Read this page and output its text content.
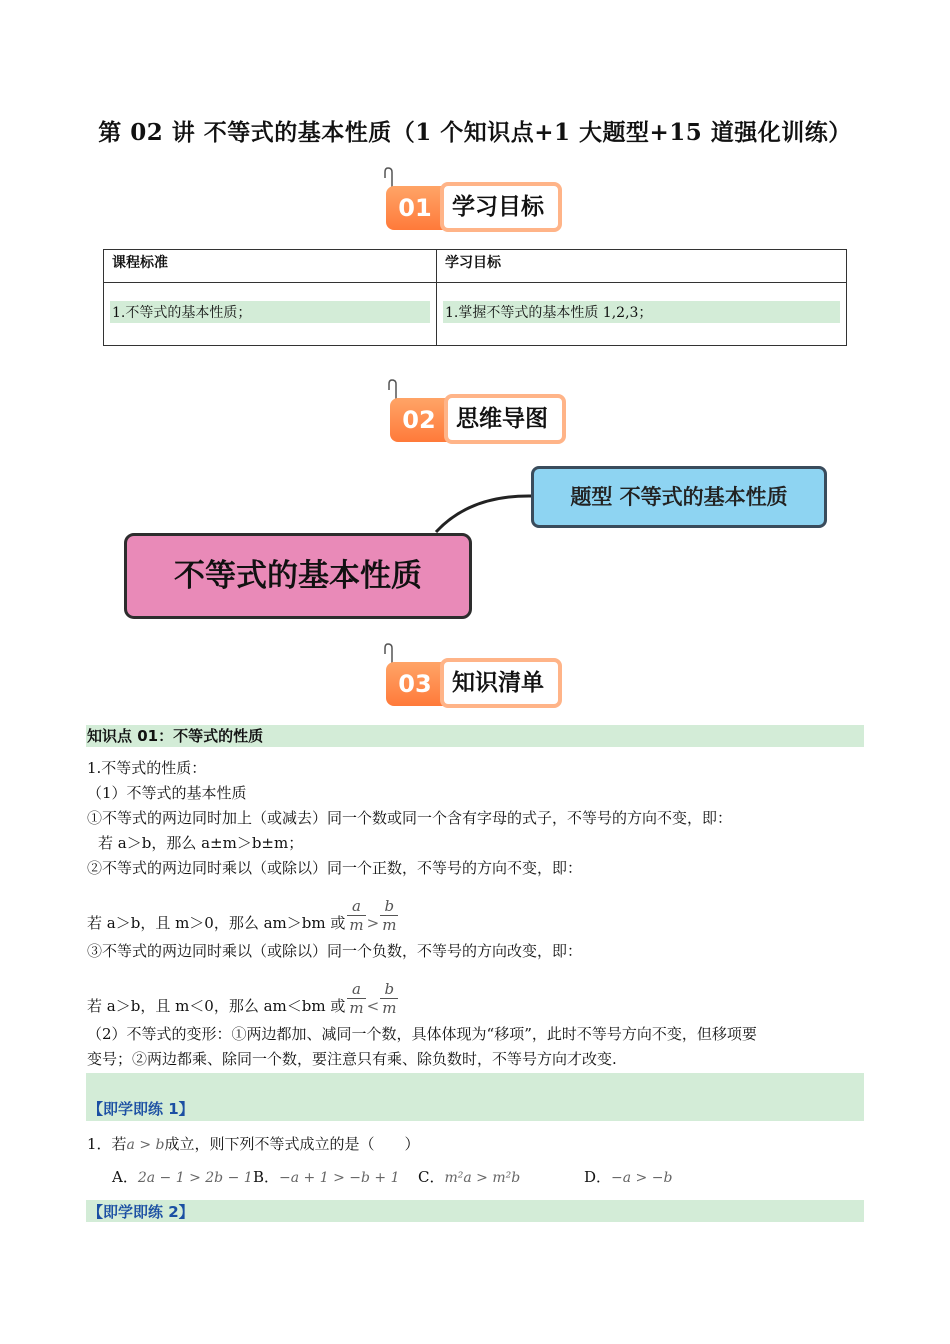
第 02 讲 不等式的基本性质（1 个知识点+1 大题型+15 道强化训练）
01 学习目标
课程标准	学习目标

1.不等式的基本性质；	1.掌握不等式的基本性质 1,2,3；
02 思维导图
题型 不等式的基本性质
不等式的基本性质
03 知识清单
知识点 01：不等式的性质
1.不等式的性质：
（1）不等式的基本性质
①不等式的两边同时加上（或减去）同一个数或同一个含有字母的式子，不等号的方向不变，即：
若 a＞b，那么 a±m＞b±m；
②不等式的两边同时乘以（或除以）同一个正数，不等号的方向不变，即：
若 a＞b，且 m＞0，那么 am＞bm 或 $\frac{a}{m} > \frac{b}{m}$
③不等式的两边同时乘以（或除以）同一个负数，不等号的方向改变，即：
若 a＞b，且 m＜0，那么 am＜bm 或 $\frac{a}{m} < \frac{b}{m}$
（2）不等式的变形：①两边都加、减同一个数，具体体现为“移项”，此时不等号方向不变，但移项要
变号；②两边都乘、除同一个数，要注意只有乘、除负数时，不等号方向才改变.
【即学即练 1】
1．若a > b成立，则下列不等式成立的是（　　）
A．2a − 1 > 2b − 1 B．−a + 1 > −b + 1 C．m²a > m²b	D．−a > −b
【即学即练 2】
